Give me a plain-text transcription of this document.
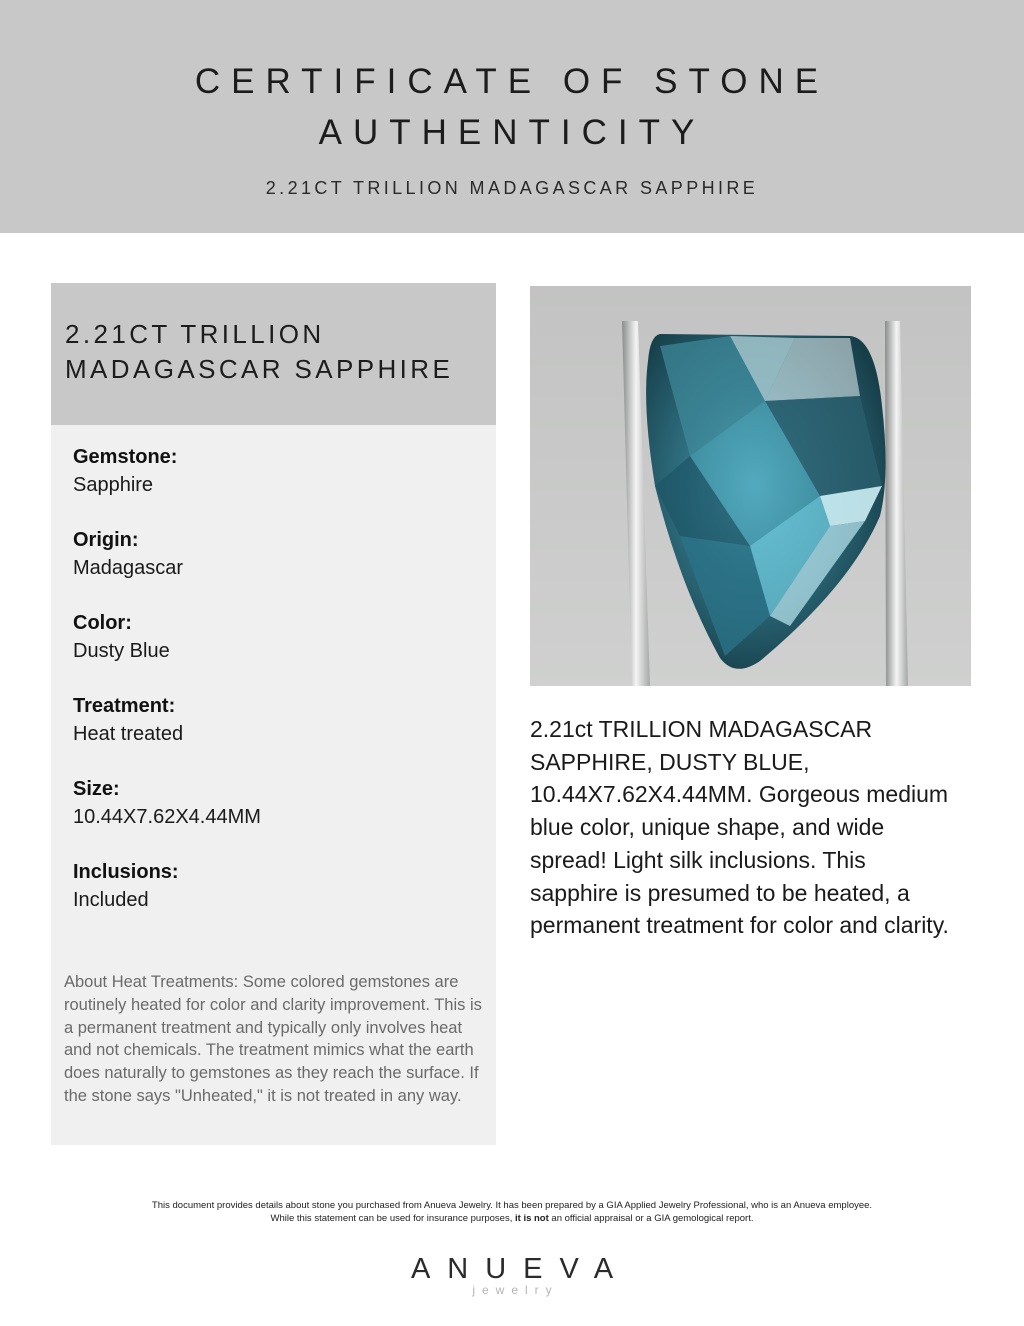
CERTIFICATE OF STONE AUTHENTICITY
2.21CT TRILLION MADAGASCAR SAPPHIRE
2.21CT TRILLION MADAGASCAR SAPPHIRE
Gemstone:
Sapphire
Origin:
Madagascar
Color:
Dusty Blue
Treatment:
Heat treated
Size:
10.44X7.62X4.44MM
Inclusions:
Included
About Heat Treatments: Some colored gemstones are routinely heated for color and clarity improvement. This is a permanent treatment and typically only involves heat and not chemicals. The treatment mimics what the earth does naturally to gemstones as they reach the surface. If the stone says "Unheated," it is not treated in any way.
2.21ct TRILLION MADAGASCAR SAPPHIRE, DUSTY BLUE, 10.44X7.62X4.44MM. Gorgeous medium blue color, unique shape, and wide spread! Light silk inclusions. This sapphire is presumed to be heated, a permanent treatment for color and clarity.
This document provides details about stone you purchased from Anueva Jewelry. It has been prepared by a GIA Applied Jewelry Professional, who is an Anueva employee.
While this statement can be used for insurance purposes, it is not an official appraisal or a GIA gemological report.
ANUEVA
jewelry
